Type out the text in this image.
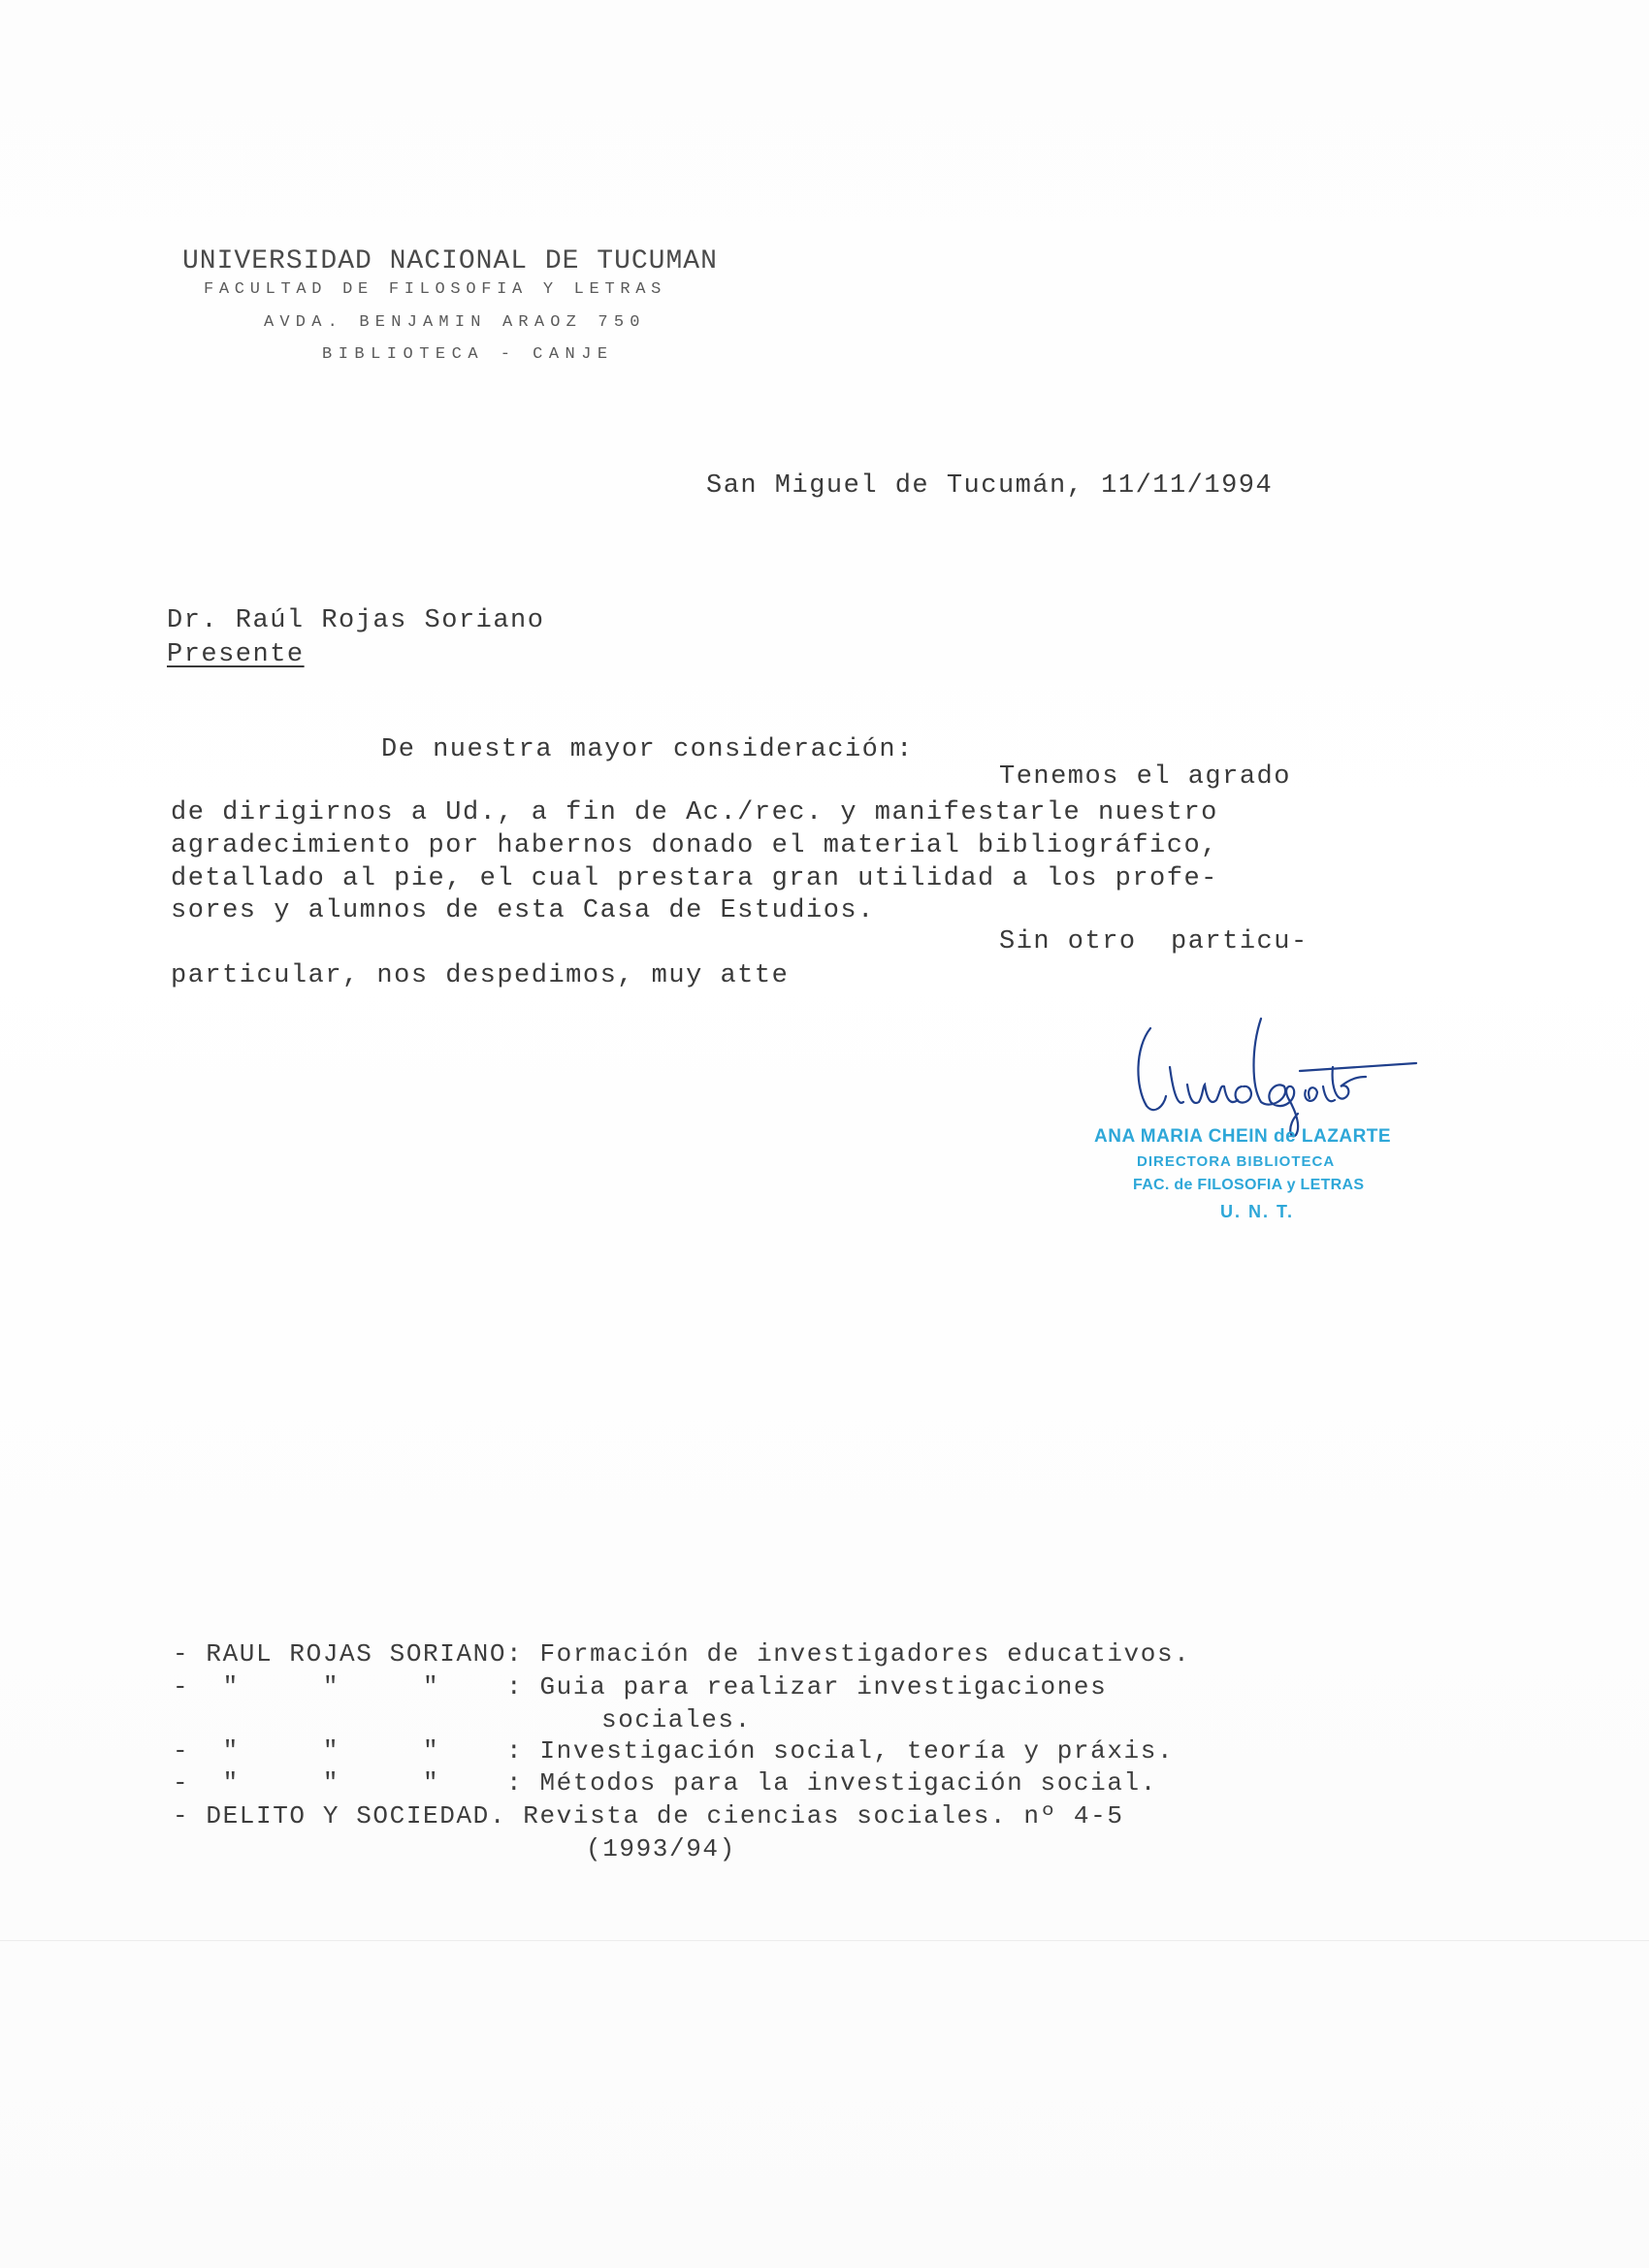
UNIVERSIDAD NACIONAL DE TUCUMAN
FACULTAD DE FILOSOFIA Y LETRAS
AVDA. BENJAMIN ARAOZ 750
BIBLIOTECA - CANJE
San Miguel de Tucumán, 11/11/1994
Dr. Raúl Rojas Soriano
Presente
De nuestra mayor consideración:
Tenemos el agrado
de dirigirnos a Ud., a fin de Ac./rec. y manifestarle nuestro
agradecimiento por habernos donado el material bibliográfico,
detallado al pie, el cual prestara gran utilidad a los profe-
sores y alumnos de esta Casa de Estudios.
Sin otro  particu-
particular, nos despedimos, muy atte
ANA MARIA CHEIN de LAZARTE
DIRECTORA BIBLIOTECA
FAC. de FILOSOFIA y LETRAS
U. N. T.
- RAUL ROJAS SORIANO: Formación de investigadores educativos.
-  "     "     "    : Guia para realizar investigaciones
sociales.
-  "     "     "    : Investigación social, teoría y práxis.
-  "     "     "    : Métodos para la investigación social.
- DELITO Y SOCIEDAD. Revista de ciencias sociales. nº 4-5
(1993/94)
